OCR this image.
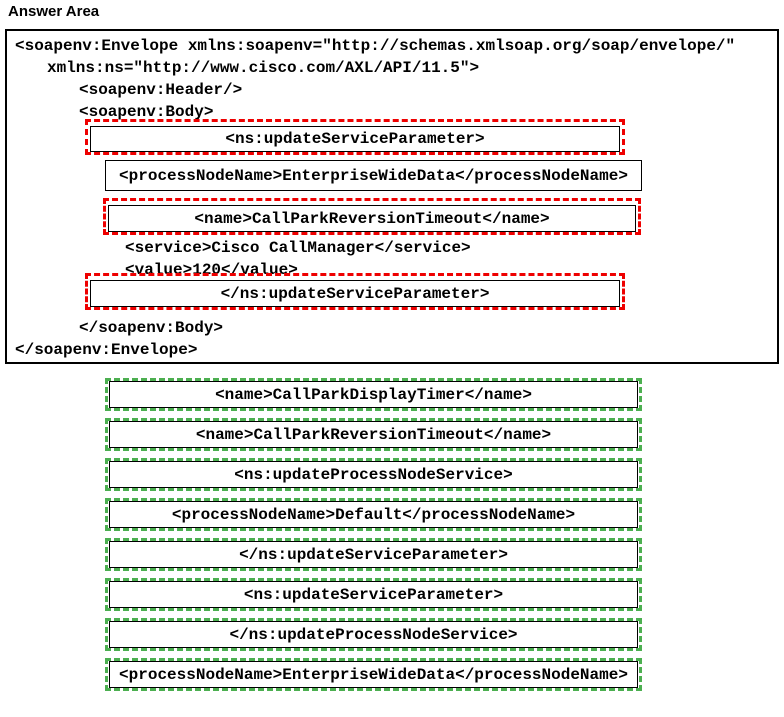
Answer Area
<soapenv:Envelope xmlns:soapenv=″http://schemas.xmlsoap.org/soap/envelope/″
xmlns:ns=″http://www.cisco.com/AXL/API/11.5″>
<soapenv:Header/>
<soapenv:Body>
<ns:updateServiceParameter>
<processNodeName>EnterpriseWideData</processNodeName>
<name>CallParkReversionTimeout</name>
<service>Cisco CallManager</service>
<value>120</value>
</ns:updateServiceParameter>
</soapenv:Body>
</soapenv:Envelope>
<name>CallParkDisplayTimer</name>
<name>CallParkReversionTimeout</name>
<ns:updateProcessNodeService>
<processNodeName>Default</processNodeName>
</ns:updateServiceParameter>
<ns:updateServiceParameter>
</ns:updateProcessNodeService>
<processNodeName>EnterpriseWideData</processNodeName>
